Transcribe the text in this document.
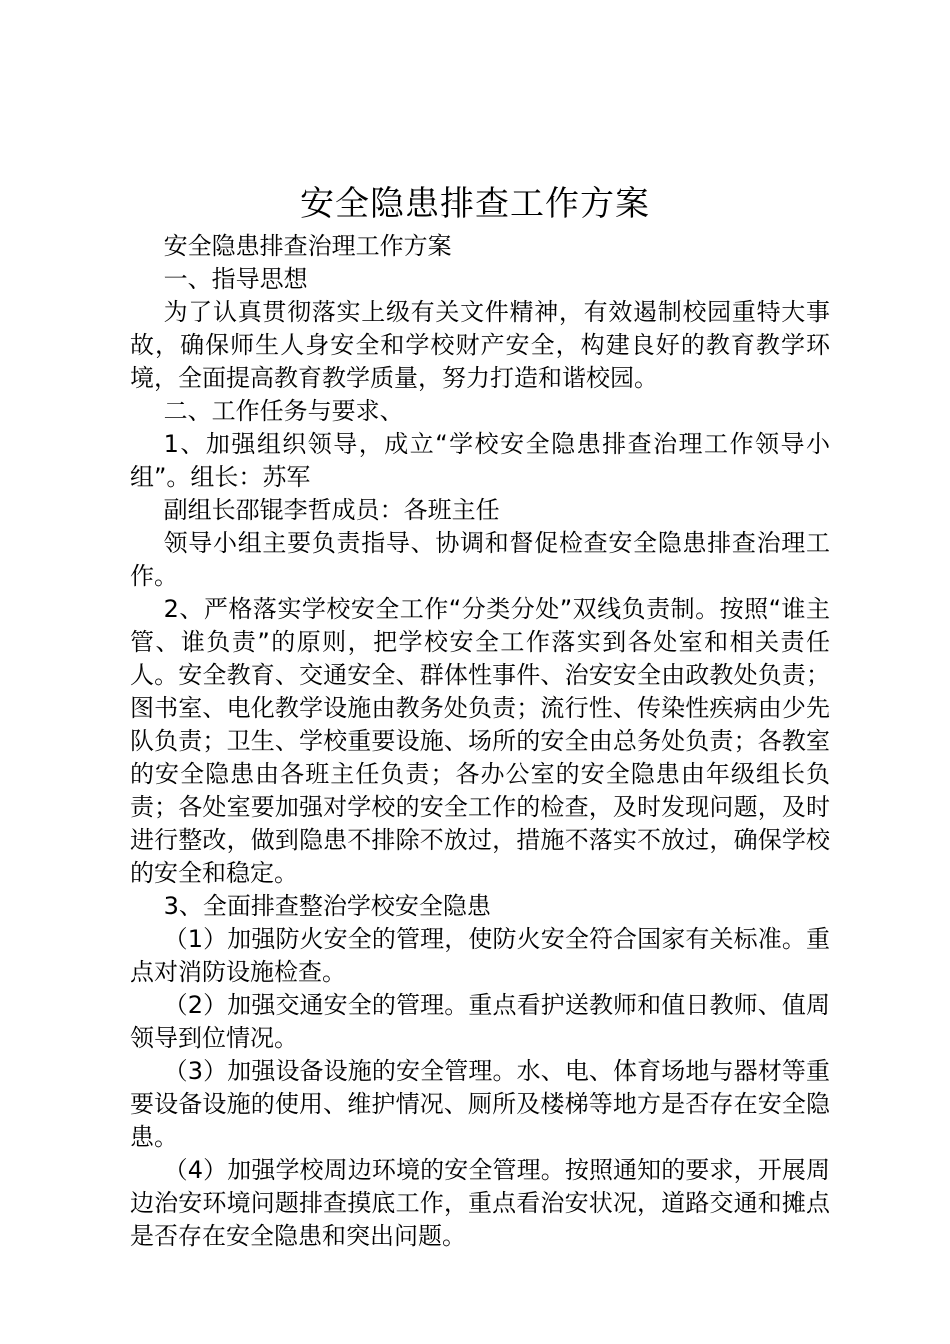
安全隐患排查工作方案

安全隐患排查治理工作方案

一、指导思想

为了认真贯彻落实上级有关文件精神，有效遏制校园重特大事故，确保师生人身安全和学校财产安全，构建良好的教育教学环境，全面提高教育教学质量，努力打造和谐校园。

二、工作任务与要求、

1、加强组织领导，成立“学校安全隐患排查治理工作领导小组”。组长：苏军

副组长邵锟李哲成员：各班主任

领导小组主要负责指导、协调和督促检查安全隐患排查治理工作。

2、严格落实学校安全工作“分类分处”双线负责制。按照“谁主管、谁负责”的原则，把学校安全工作落实到各处室和相关责任人。安全教育、交通安全、群体性事件、治安安全由政教处负责；图书室、电化教学设施由教务处负责；流行性、传染性疾病由少先队负责；卫生、学校重要设施、场所的安全由总务处负责；各教室的安全隐患由各班主任负责；各办公室的安全隐患由年级组长负责；各处室要加强对学校的安全工作的检查，及时发现问题，及时进行整改，做到隐患不排除不放过，措施不落实不放过，确保学校的安全和稳定。

3、全面排查整治学校安全隐患

（1）加强防火安全的管理，使防火安全符合国家有关标准。重点对消防设施检查。

（2）加强交通安全的管理。重点看护送教师和值日教师、值周领导到位情况。

（3）加强设备设施的安全管理。水、电、体育场地与器材等重要设备设施的使用、维护情况、厕所及楼梯等地方是否存在安全隐患。

（4）加强学校周边环境的安全管理。按照通知的要求，开展周边治安环境问题排查摸底工作，重点看治安状况，道路交通和摊点是否存在安全隐患和突出问题。
